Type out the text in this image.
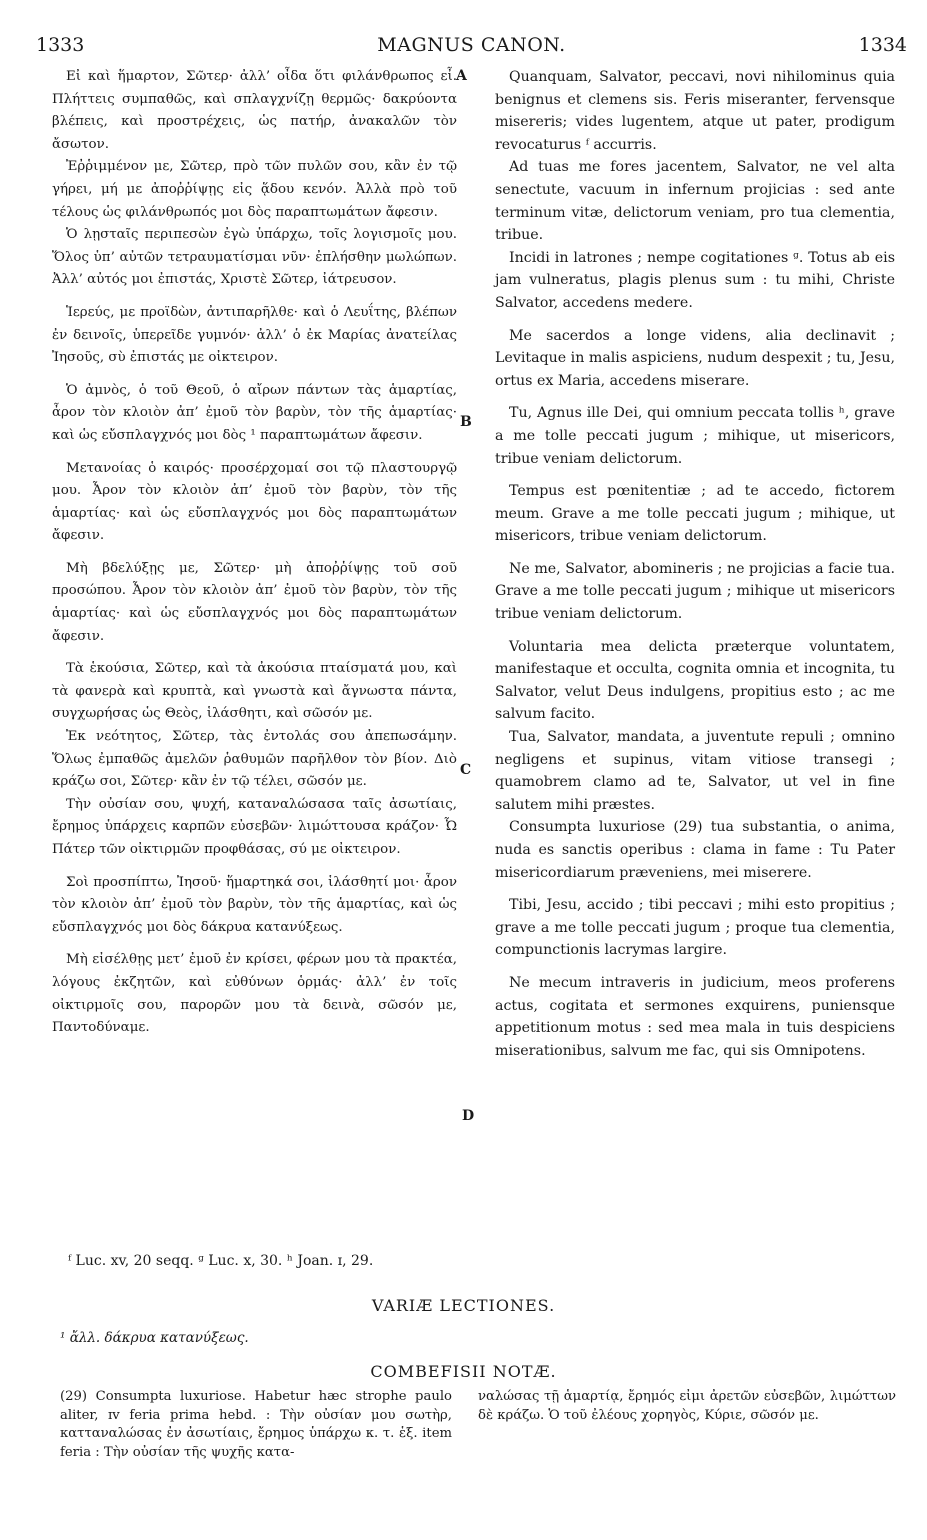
1333	MAGNUS CANON.	1334
A
B
C
D

Εἰ καὶ ἥμαρτον, Σῶτερ· ἀλλ’ οἶδα ὅτι φιλάνθρωπος εἶ. Πλήττεις συμπαθῶς, καὶ σπλαγχνίζῃ θερμῶς· δακρύοντα βλέπεις, καὶ προστρέχεις, ὡς πατήρ, ἀνακαλῶν τὸν ἄσωτον.

Ἐῤῥιμμένον με, Σῶτερ, πρὸ τῶν πυλῶν σου, κἂν ἐν τῷ γήρει, μή με ἀποῤῥίψῃς εἰς ᾅδου κενόν. Ἀλλὰ πρὸ τοῦ τέλους ὡς φιλάνθρωπός μοι δὸς παραπτωμάτων ἄφεσιν.

Ὁ λῃσταῖς περιπεσὼν ἐγὼ ὑπάρχω, τοῖς λογισμοῖς μου. Ὅλος ὑπ’ αὐτῶν τετραυματίσμαι νῦν· ἐπλήσθην μωλώπων. Ἀλλ’ αὐτός μοι ἐπιστάς, Χριστὲ Σῶτερ, ἰάτρευσον.

Ἱερεύς, με προϊδὼν, ἀντιπαρῆλθε· καὶ ὁ Λευΐτης, βλέπων ἐν δεινοῖς, ὑπερεῖδε γυμνόν· ἀλλ’ ὁ ἐκ Μαρίας ἀνατείλας Ἰησοῦς, σὺ ἐπιστάς με οἰκτειρον.

Ὁ ἀμνὸς, ὁ τοῦ Θεοῦ, ὁ αἴρων πάντων τὰς ἁμαρτίας, ἆρον τὸν κλοιὸν ἀπ’ ἐμοῦ τὸν βαρὺν, τὸν τῆς ἁμαρτίας· καὶ ὡς εὔσπλαγχνός μοι δὸς ¹ παραπτωμάτων ἄφεσιν.

Μετανοίας ὁ καιρός· προσέρχομαί σοι τῷ πλαστουργῷ μου. Ἆρον τὸν κλοιὸν ἀπ’ ἐμοῦ τὸν βαρὺν, τὸν τῆς ἁμαρτίας· καὶ ὡς εὔσπλαγχνός μοι δὸς παραπτωμάτων ἄφεσιν.

Μὴ βδελύξῃς με, Σῶτερ· μὴ ἀποῤῥίψῃς τοῦ σοῦ προσώπου. Ἆρον τὸν κλοιὸν ἀπ’ ἐμοῦ τὸν βαρὺν, τὸν τῆς ἁμαρτίας· καὶ ὡς εὔσπλαγχνός μοι δὸς παραπτωμάτων ἄφεσιν.

Τὰ ἑκούσια, Σῶτερ, καὶ τὰ ἀκούσια πταίσματά μου, καὶ τὰ φανερὰ καὶ κρυπτὰ, καὶ γνωστὰ καὶ ἄγνωστα πάντα, συγχωρήσας ὡς Θεὸς, ἱλάσθητι, καὶ σῶσόν με.

Ἐκ νεότητος, Σῶτερ, τὰς ἐντολάς σου ἀπεπωσάμην. Ὅλως ἐμπαθῶς ἀμελῶν ῥαθυμῶν παρῆλθον τὸν βίον. Διὸ κράζω σοι, Σῶτερ· κἂν ἐν τῷ τέλει, σῶσόν με.

Τὴν οὐσίαν σου, ψυχή, καταναλώσασα ταῖς ἀσωτίαις, ἔρημος ὑπάρχεις καρπῶν εὐσεβῶν· λιμώττουσα κράζον· Ὦ Πάτερ τῶν οἰκτιρμῶν προφθάσας, σύ με οἰκτειρον.

Σοὶ προσπίπτω, Ἰησοῦ· ἥμαρτηκά σοι, ἱλάσθητί μοι· ἆρον τὸν κλοιὸν ἀπ’ ἐμοῦ τὸν βαρὺν, τὸν τῆς ἁμαρτίας, καὶ ὡς εὔσπλαγχνός μοι δὸς δάκρυα κατανύξεως.

Μὴ εἰσέλθῃς μετ’ ἐμοῦ ἐν κρίσει, φέρων μου τὰ πρακτέα, λόγους ἐκζητῶν, καὶ εὐθύνων ὁρμάς· ἀλλ’ ἐν τοῖς οἰκτιρμοῖς σου, παρορῶν μου τὰ δεινὰ, σῶσόν με, Παντοδύναμε.

Quanquam, Salvator, peccavi, novi nihilominus quia benignus et clemens sis. Feris miseranter, fervensque misereris; vides lugentem, atque ut pater, prodigum revocaturus ᶠ accurris.

Ad tuas me fores jacentem, Salvator, ne vel alta senectute, vacuum in infernum projicias : sed ante terminum vitæ, delictorum veniam, pro tua clementia, tribue.

Incidi in latrones ; nempe cogitationes ᵍ. Totus ab eis jam vulneratus, plagis plenus sum : tu mihi, Christe Salvator, accedens medere.

Me sacerdos a longe videns, alia declinavit ; Levitaque in malis aspiciens, nudum despexit ; tu, Jesu, ortus ex Maria, accedens miserare.

Tu, Agnus ille Dei, qui omnium peccata tollis ʰ, grave a me tolle peccati jugum ; mihique, ut misericors, tribue veniam delictorum.

Tempus est pœnitentiæ ; ad te accedo, fictorem meum. Grave a me tolle peccati jugum ; mihique, ut misericors, tribue veniam delictorum.

Ne me, Salvator, abomineris ; ne projicias a facie tua. Grave a me tolle peccati jugum ; mihique ut misericors tribue veniam delictorum.

Voluntaria mea delicta præterque voluntatem, manifestaque et occulta, cognita omnia et incognita, tu Salvator, velut Deus indulgens, propitius esto ; ac me salvum facito.

Tua, Salvator, mandata, a juventute repuli ; omnino negligens et supinus, vitam vitiose transegi ; quamobrem clamo ad te, Salvator, ut vel in fine salutem mihi præstes.

Consumpta luxuriose (29) tua substantia, o anima, nuda es sanctis operibus : clama in fame : Tu Pater misericordiarum præveniens, mei miserere.

Tibi, Jesu, accido ; tibi peccavi ; mihi esto propitius ; grave a me tolle peccati jugum ; proque tua clementia, compunctionis lacrymas largire.

Ne mecum intraveris in judicium, meos proferens actus, cogitata et sermones exquirens, puniensque appetitionum motus : sed mea mala in tuis despiciens miserationibus, salvum me fac, qui sis Omnipotens.

ᶠ Luc. xv, 20 seqq. ᵍ Luc. x, 30. ʰ Joan. ɪ, 29.
VARIÆ LECTIONES.
¹ ἄλλ. δάκρυα κατανύξεως.
COMBEFISII NOTÆ.

(29) Consumpta luxuriose. Habetur hæc strophe paulo aliter, ɪᴠ feria prima hebd. : Τὴν οὐσίαν μου σωτὴρ, κατταναλώσας ἐν ἀσωτίαις, ἔρημος ὑπάρχω κ. τ. ἑξ. item feria : Τὴν οὐσίαν τῆς ψυχῆς κατα-

ναλώσας τῇ ἁμαρτίᾳ, ἔρημός εἰμι ἀρετῶν εὐσεβῶν, λιμώττων δὲ κράζω. Ὁ τοῦ ἐλέους χορηγὸς, Κύριε, σῶσόν με.
